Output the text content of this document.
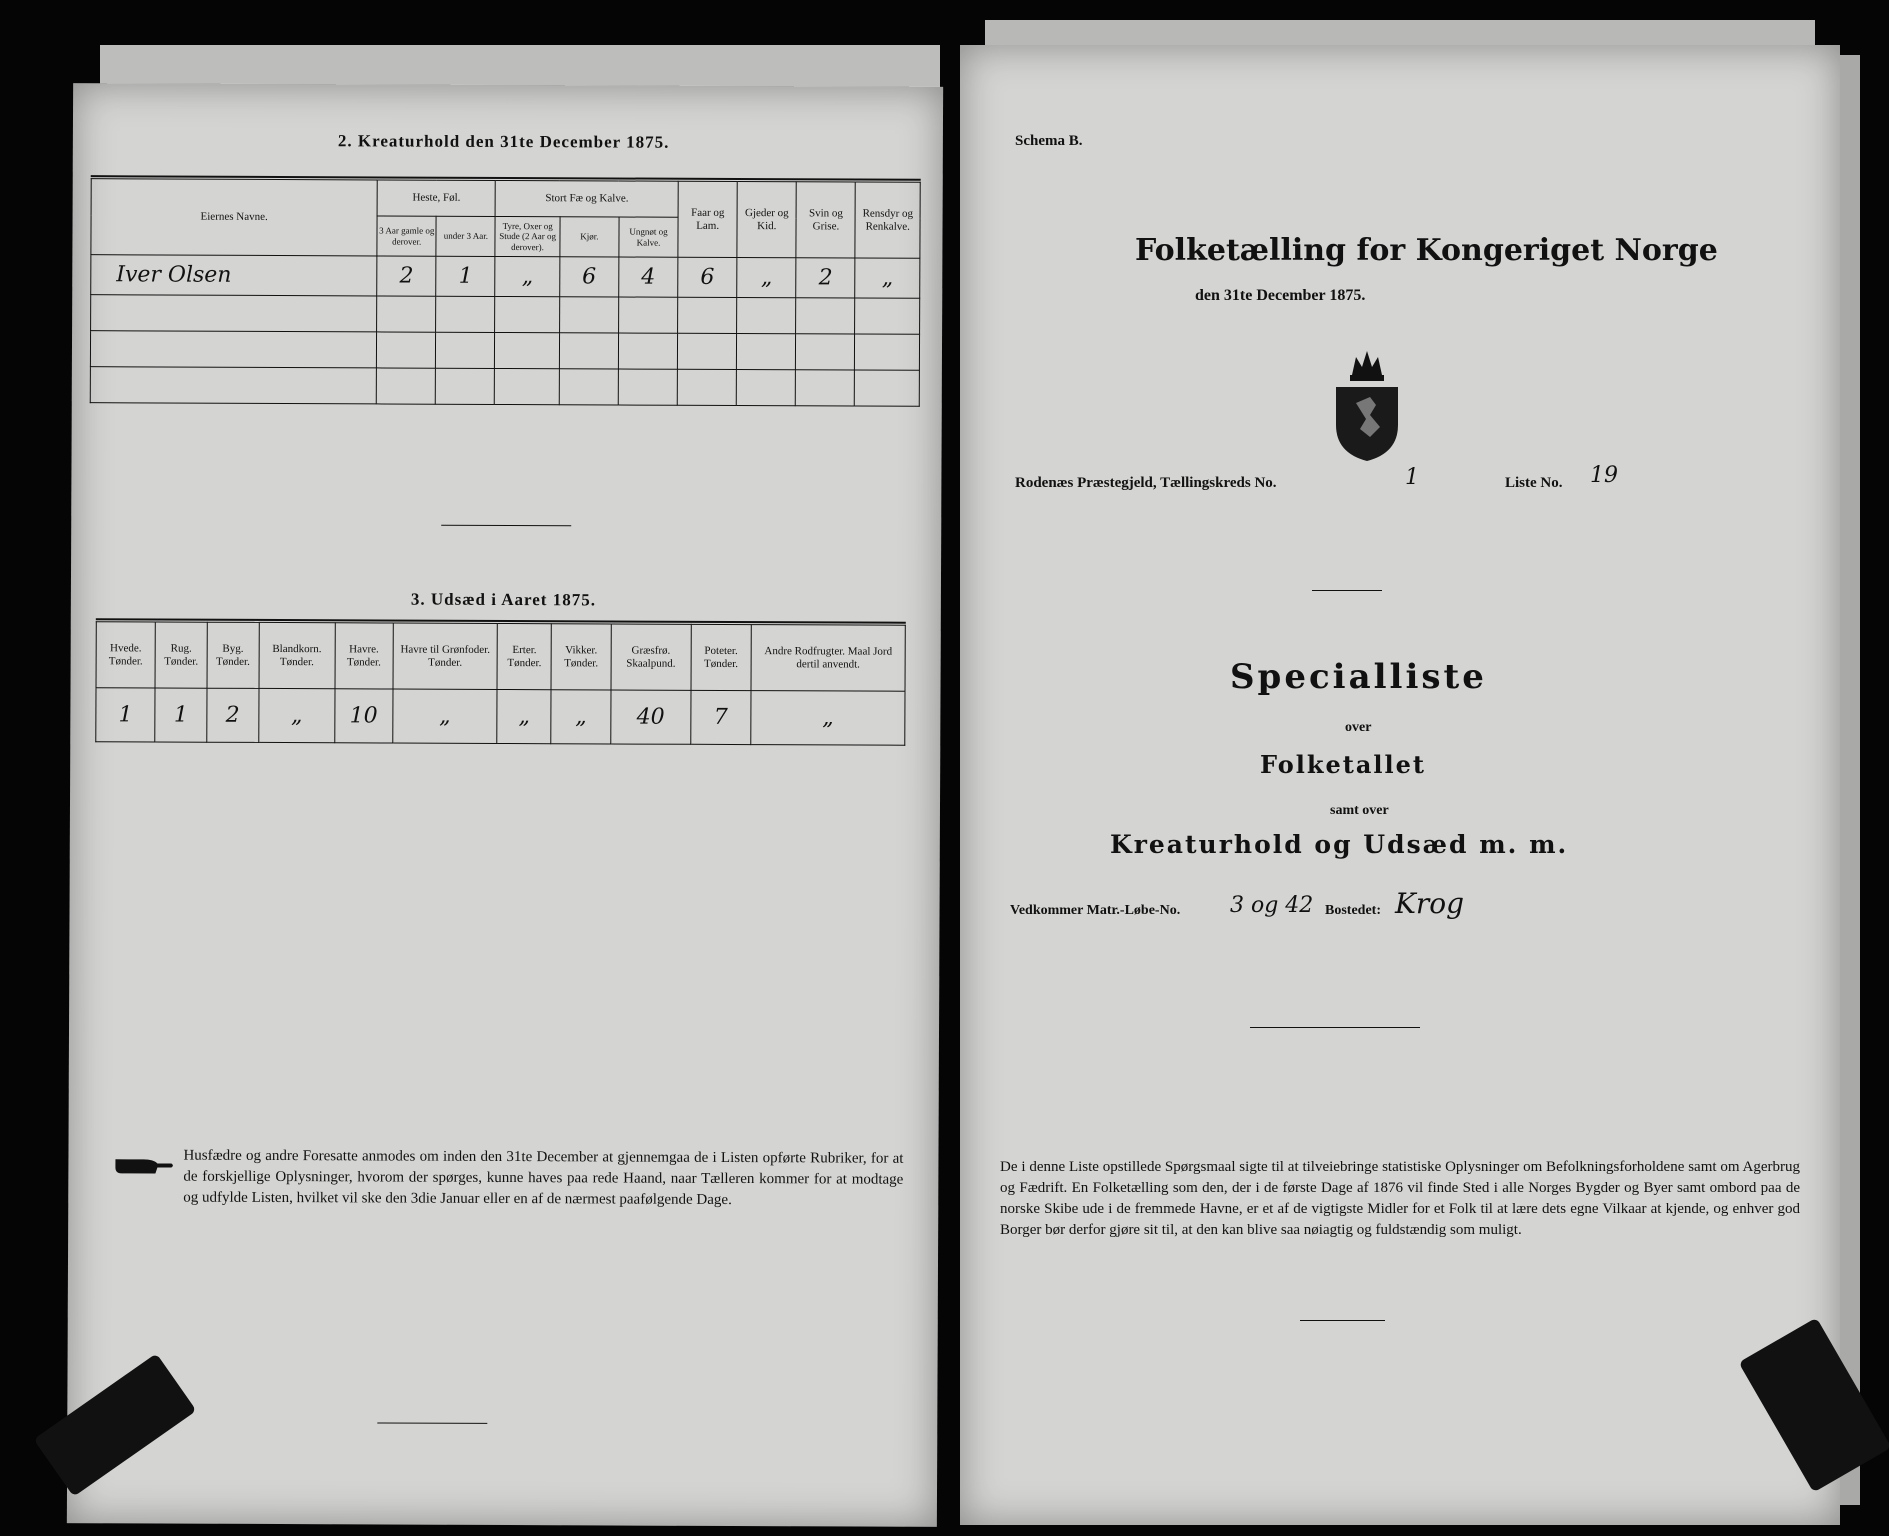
2. Kreaturhold den 31te December 1875.
Eiernes Navne.	Heste, Føl.		Stort Fæ og Kalve.			Faar og Lam.	Gjeder og Kid.	Svin og Grise.	Rensdyr og Renkalve.
	3 Aar gamle og derover.	under 3 Aar.	Tyre, Oxer og Stude (2 Aar og derover).	Kjør.	Ungnøt og Kalve.				
Iver Olsen	2	1	„	6	4	6	„	2	„

3. Udsæd i Aaret 1875.
Hvede. Tønder.	Rug. Tønder.	Byg. Tønder.	Blandkorn. Tønder.	Havre. Tønder.	Havre til Grønfoder. Tønder.	Erter. Tønder.	Vikker. Tønder.	Græsfrø. Skaalpund.	Poteter. Tønder.	Andre Rodfrugter. Maal Jord dertil anvendt.
1	1	2	„	10	„	„	„	40	7	„
Husfædre og andre Foresatte anmodes om inden den 31te December at gjennemgaa de i Listen opførte Rubriker, for at de forskjellige Oplysninger, hvorom der spørges, kunne haves paa rede Haand, naar Tælleren kommer for at modtage og udfylde Listen, hvilket vil ske den 3die Januar eller en af de nærmest paafølgende Dage.
Schema B.
Folketælling for Kongeriget Norge
den 31te December 1875.
Rodenæs Præstegjeld, Tællingskreds No.	1	Liste No. 19
Specialliste
over
Folketallet
samt over
Kreaturhold og Udsæd m. m.
Vedkommer Matr.-Løbe-No. 3 og 42 Bostedet: Krog
De i denne Liste opstillede Spørgsmaal sigte til at tilveiebringe statistiske Oplysninger om Befolkningsforholdene samt om Agerbrug og Fædrift. En Folketælling som den, der i de første Dage af 1876 vil finde Sted i alle Norges Bygder og Byer samt ombord paa de norske Skibe ude i de fremmede Havne, er et af de vigtigste Midler for et Folk til at lære dets egne Vilkaar at kjende, og enhver god Borger bør derfor gjøre sit til, at den kan blive saa nøiagtig og fuldstændig som muligt.
